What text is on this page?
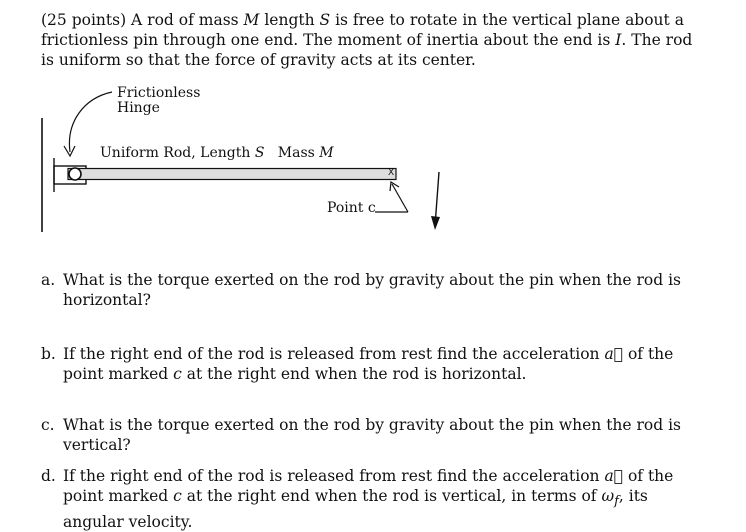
(25 points) A rod of mass M length S is free to rotate in the vertical plane about a frictionless pin through one end. The moment of inertia about the end is I. The rod is uniform so that the force of gravity acts at its center.
Frictionless
Hinge
Uniform Rod, Length S Mass M
Point c
X
a. What is the torque exerted on the rod by gravity about the pin when the rod is horizontal?
b. If the right end of the rod is released from rest find the acceleration a⃗ of the point marked c at the right end when the rod is horizontal.
c. What is the torque exerted on the rod by gravity about the pin when the rod is vertical?
d. If the right end of the rod is released from rest find the acceleration a⃗ of the point marked c at the right end when the rod is vertical, in terms of $\omega_f$, its angular velocity.
